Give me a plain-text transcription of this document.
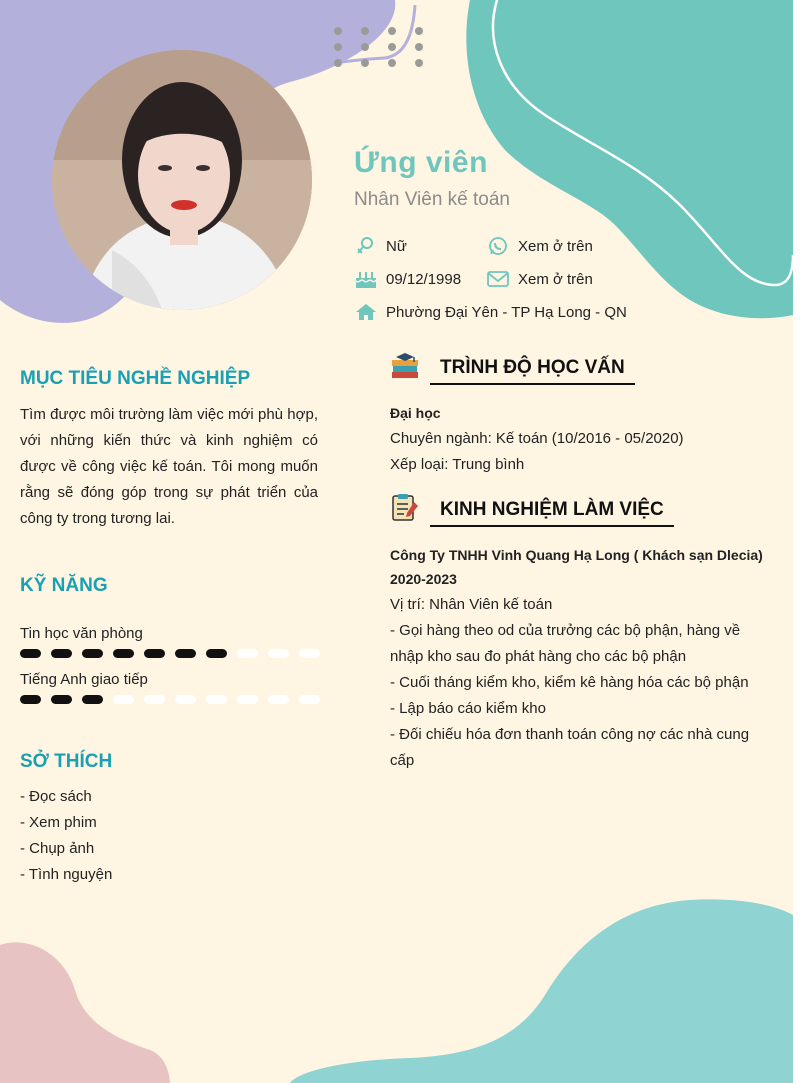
Ứng viên
Nhân Viên kế toán
Nữ	Xem ở trên
09/12/1998	Xem ở trên
Phường Đại Yên - TP Hạ Long - QN
MỤC TIÊU NGHỀ NGHIỆP
Tìm được môi trường làm việc mới phù hợp, với những kiến thức và kinh nghiệm có được về công việc kế toán. Tôi mong muốn rằng sẽ đóng góp trong sự phát triển của công ty trong tương lai.
KỸ NĂNG
Tin học văn phòng
Tiếng Anh giao tiếp
SỞ THÍCH
- Đọc sách
- Xem phim
- Chụp ảnh
- Tình nguyện
TRÌNH ĐỘ HỌC VẤN
Đại học
Chuyên ngành: Kế toán (10/2016 - 05/2020)
Xếp loại: Trung bình
KINH NGHIỆM LÀM VIỆC
Công Ty TNHH Vinh Quang Hạ Long ( Khách sạn Dlecia)
2020-2023
Vị trí: Nhân Viên kế toán
- Gọi hàng theo od của trưởng các bộ phận, hàng về nhập kho sau đo phát hàng cho các bộ phận
- Cuối tháng kiểm kho, kiểm kê hàng hóa các bộ phận
- Lập báo cáo kiểm kho
- Đối chiếu hóa đơn thanh toán công nợ các nhà cung cấp
